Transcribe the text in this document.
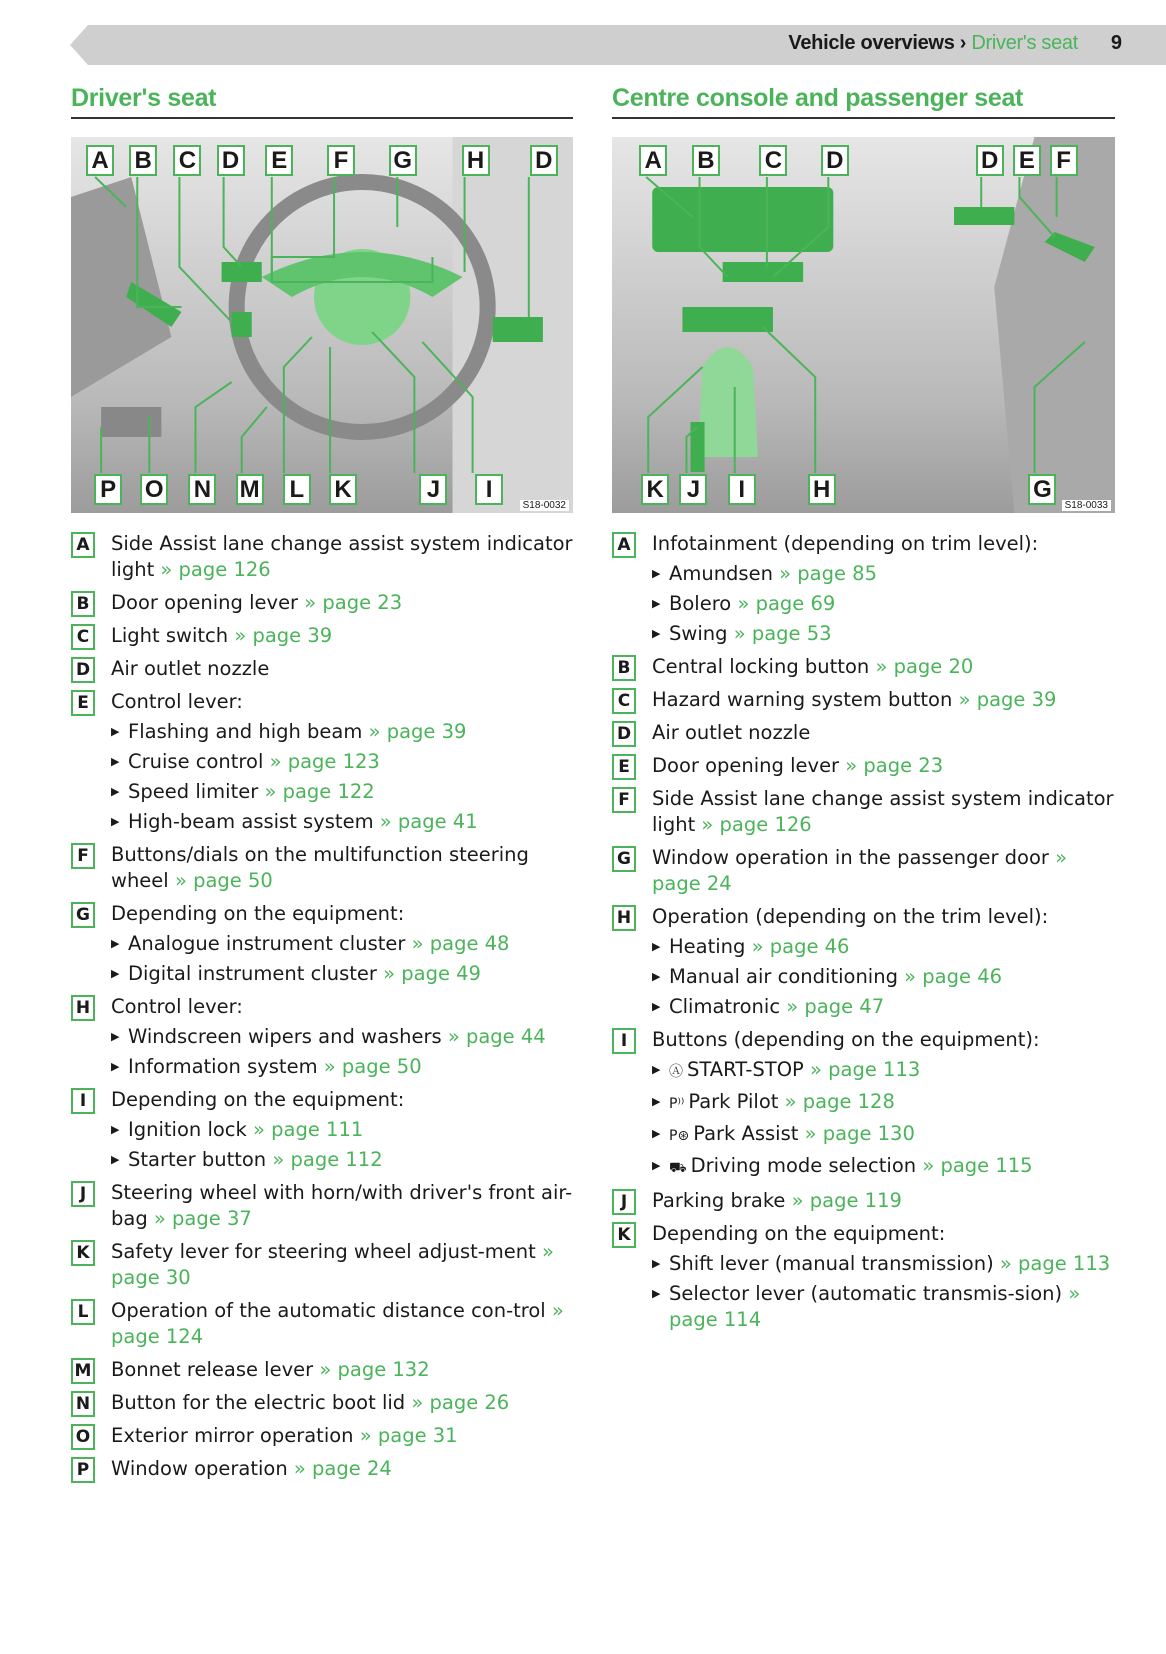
Vehicle overviews › Driver's seat 9
Driver's seat
S18-0032
A B C D E F G H D
P O N M L K	J	I
A Side Assist lane change assist system indicator light » page 126
B Door opening lever » page 23
C Light switch » page 39
D Air outlet nozzle
E	Control lever:
▶ Flashing and high beam » page 39
▶ Cruise control » page 123
▶ Speed limiter » page 122
▶ High-beam assist system » page 41
F	Buttons/dials on the multifunction steering wheel » page 50
G Depending on the equipment:
▶ Analogue instrument cluster » page 48
▶ Digital instrument cluster » page 49
H Control lever:
▶ Windscreen wipers and washers » page 44
▶ Information system » page 50
I	Depending on the equipment:
▶ Ignition lock » page 111
▶ Starter button » page 112
J	Steering wheel with horn/with driver's front air-bag » page 37
K Safety lever for steering wheel adjust-ment » page 30
L	Operation of the automatic distance con-trol » page 124
M Bonnet release lever » page 132
N Button for the electric boot lid » page 26
O Exterior mirror operation » page 31
P Window operation » page 24
Centre console and passenger seat
S18-0033
A B C D	D E F
K J	I	H	G
A Infotainment (depending on trim level):
▶ Amundsen » page 85
▶ Bolero » page 69
▶ Swing » page 53
B Central locking button » page 20
C Hazard warning system button » page 39
D Air outlet nozzle
E	Door opening lever » page 23
F	Side Assist lane change assist system indicator light » page 126
G Window operation in the passenger door » page 24
H Operation (depending on the trim level):
▶ Heating » page 46
▶ Manual air conditioning » page 46
▶ Climatronic » page 47
I	Buttons (depending on the equipment):
▶ Ⓐ START-STOP » page 113
▶ P⁾⁾ Park Pilot » page 128
▶ P⊛ Park Assist » page 130
▶ ⛟ Driving mode selection » page 115
J	Parking brake » page 119
K Depending on the equipment:
▶ Shift lever (manual transmission) » page 113
▶ Selector lever (automatic transmis-sion) » page 114
